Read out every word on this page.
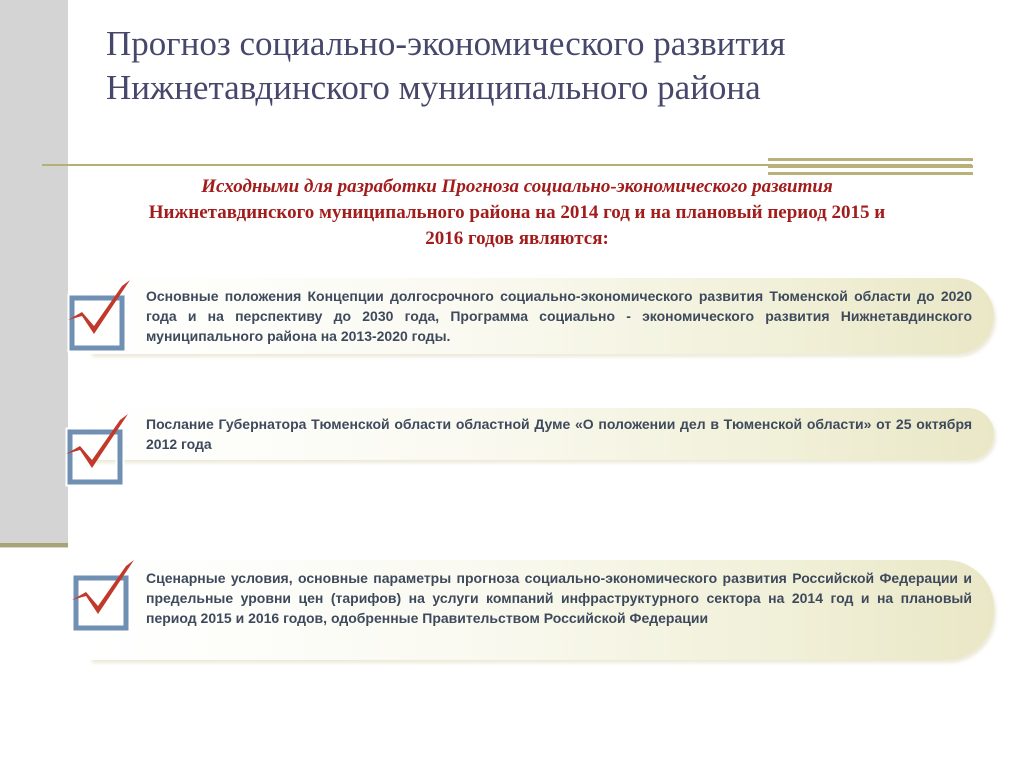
Прогноз социально-экономического развития
Нижнетавдинского муниципального района
Исходными для разработки Прогноза социально-экономического развития
Нижнетавдинского муниципального района на 2014 год и на плановый период 2015 и
2016 годов являются:
Основные положения Концепции долгосрочного социально-экономического развития Тюменской области до 2020 года и на перспективу до 2030 года, Программа социально - экономического развития Нижнетавдинского муниципального района на 2013-2020 годы.
Послание Губернатора Тюменской области областной Думе «О положении дел в Тюменской области» от 25 октября 2012 года
Сценарные условия, основные параметры прогноза социально-экономического развития Российской Федерации и предельные уровни цен (тарифов) на услуги компаний инфраструктурного сектора на 2014 год и на плановый период 2015 и 2016 годов, одобренные Правительством Российской Федерации
